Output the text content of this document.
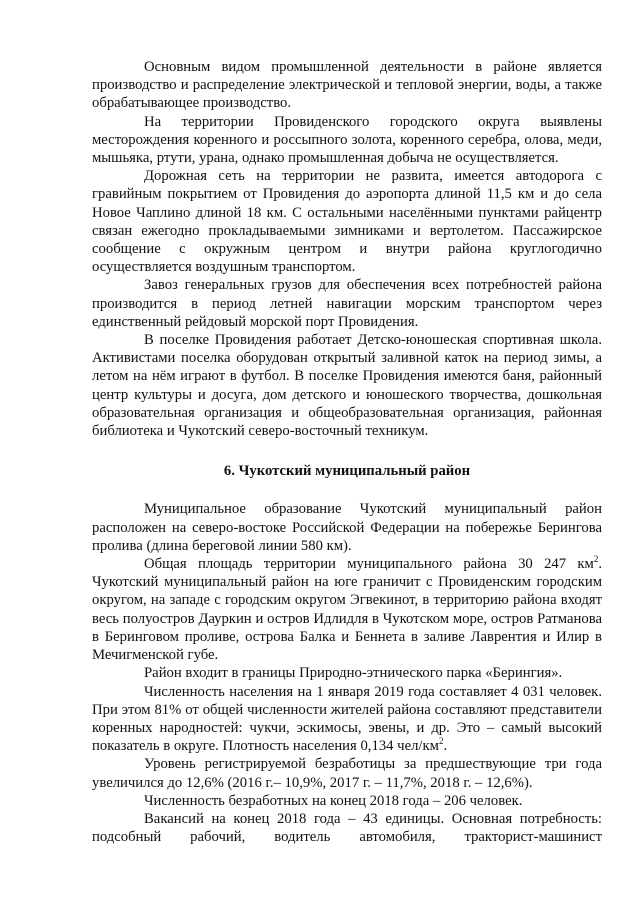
Основным видом промышленной деятельности в районе является производство и распределение электрической и тепловой энергии, воды, а также обрабатывающее производство.

На территории Провиденского городского округа выявлены месторождения коренного и россыпного золота, коренного серебра, олова, меди, мышьяка, ртути, урана, однако промышленная добыча не осуществляется.

Дорожная сеть на территории не развита, имеется автодорога с гравийным покрытием от Провидения до аэропорта длиной 11,5 км и до села Новое Чаплино длиной 18 км. С остальными населёнными пунктами райцентр связан ежегодно прокладываемыми зимниками и вертолетом. Пассажирское сообщение с окружным центром и внутри района круглогодично осуществляется воздушным транспортом.

Завоз генеральных грузов для обеспечения всех потребностей района производится в период летней навигации морским транспортом через единственный рейдовый морской порт Провидения.

В поселке Провидения работает Детско-юношеская спортивная школа. Активистами поселка оборудован открытый заливной каток на период зимы, а летом на нём играют в футбол. В поселке Провидения имеются баня, районный центр культуры и досуга, дом детского и юношеского творчества, дошкольная образовательная организация и общеобразовательная организация, районная библиотека и Чукотский северо-восточный техникум.

6. Чукотский муниципальный район

Муниципальное образование Чукотский муниципальный район расположен на северо-востоке Российской Федерации на побережье Берингова пролива (длина береговой линии 580 км).

Общая площадь территории муниципального района 30 247 $км^2$. Чукотский муниципальный район на юге граничит с Провиденским городским округом, на западе с городским округом Эгвекинот, в территорию района входят весь полуостров Дауркин и остров Идлидля в Чукотском море, остров Ратманова в Беринговом проливе, острова Балка и Беннета в заливе Лаврентия и Илир в Мечигменской губе.

Район входит в границы Природно-этнического парка «Берингия».

Численность населения на 1 января 2019 года составляет 4 031 человек. При этом 81% от общей численности жителей района составляют представители коренных народностей: чукчи, эскимосы, эвены, и др. Это – самый высокий показатель в округе. Плотность населения 0,134 чел/$км^2$.

Уровень регистрируемой безработицы за предшествующие три года увеличился до 12,6% (2016 г.– 10,9%, 2017 г. – 11,7%, 2018 г. – 12,6%).

Численность безработных на конец 2018 года – 206 человек.

Вакансий на конец 2018 года – 43 единицы. Основная потребность: подсобный рабочий, водитель автомобиля, тракторист-машинист
